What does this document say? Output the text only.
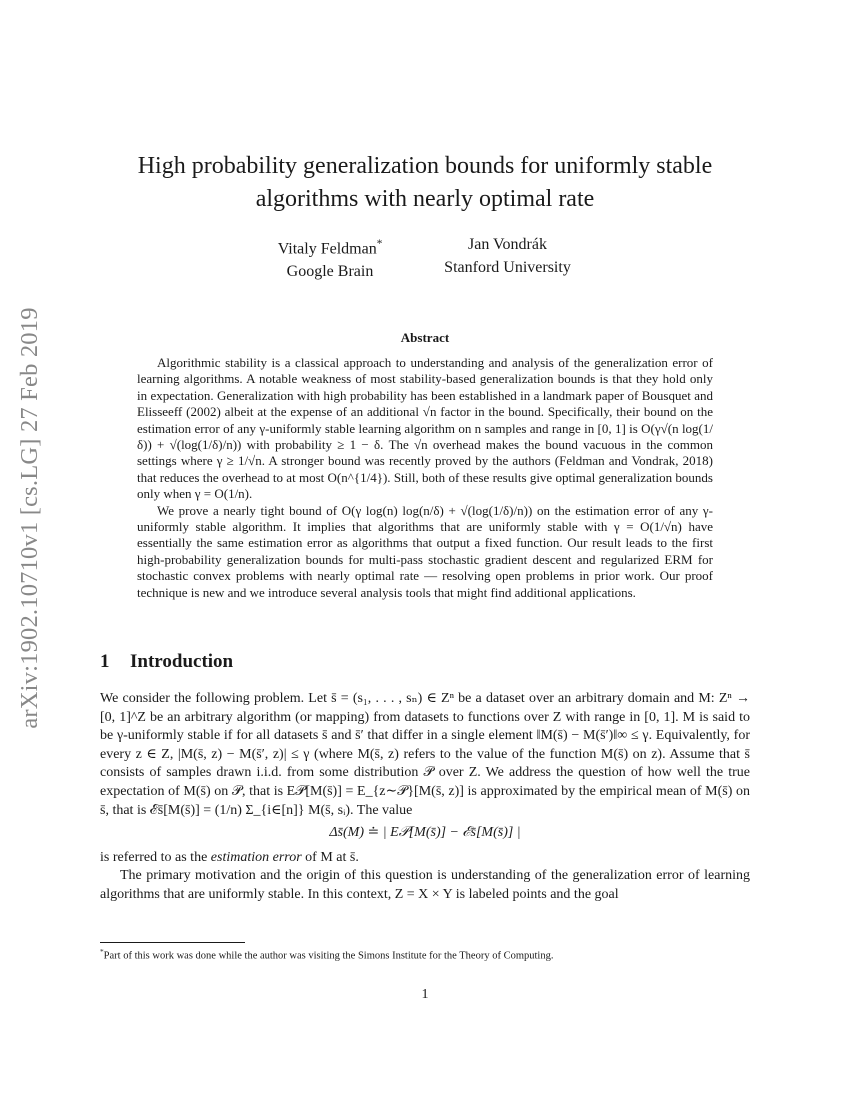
arXiv:1902.10710v1 [cs.LG] 27 Feb 2019
High probability generalization bounds for uniformly stable
algorithms with nearly optimal rate
Vitaly Feldman*
Google Brain
Jan Vondrák
Stanford University
Abstract

Algorithmic stability is a classical approach to understanding and analysis of the generalization error of learning algorithms. A notable weakness of most stability-based generalization bounds is that they hold only in expectation. Generalization with high probability has been established in a landmark paper of Bousquet and Elisseeff (2002) albeit at the expense of an additional √n factor in the bound. Specifically, their bound on the estimation error of any γ-uniformly stable learning algorithm on n samples and range in [0, 1] is O(γ√(n log(1/δ)) + √(log(1/δ)/n)) with probability ≥ 1 − δ. The √n overhead makes the bound vacuous in the common settings where γ ≥ 1/√n. A stronger bound was recently proved by the authors (Feldman and Vondrak, 2018) that reduces the overhead to at most O(n^{1/4}). Still, both of these results give optimal generalization bounds only when γ = O(1/n).

We prove a nearly tight bound of O(γ log(n) log(n/δ) + √(log(1/δ)/n)) on the estimation error of any γ-uniformly stable algorithm. It implies that algorithms that are uniformly stable with γ = O(1/√n) have essentially the same estimation error as algorithms that output a fixed function. Our result leads to the first high-probability generalization bounds for multi-pass stochastic gradient descent and regularized ERM for stochastic convex problems with nearly optimal rate — resolving open problems in prior work. Our proof technique is new and we introduce several analysis tools that might find additional applications.

1 Introduction

We consider the following problem. Let s̄ = (s₁, . . . , sₙ) ∈ Zⁿ be a dataset over an arbitrary domain and M: Zⁿ → [0, 1]^Z be an arbitrary algorithm (or mapping) from datasets to functions over Z with range in [0, 1]. M is said to be γ-uniformly stable if for all datasets s̄ and s̄′ that differ in a single element ‖M(s̄) − M(s̄′)‖∞ ≤ γ. Equivalently, for every z ∈ Z, |M(s̄, z) − M(s̄′, z)| ≤ γ (where M(s̄, z) refers to the value of the function M(s̄) on z). Assume that s̄ consists of samples drawn i.i.d. from some distribution 𝒫 over Z. We address the question of how well the true expectation of M(s̄) on 𝒫, that is E𝒫[M(s̄)] = E_{z∼𝒫}[M(s̄, z)] is approximated by the empirical mean of M(s̄) on s̄, that is ℰs̄[M(s̄)] = (1/n) Σ_{i∈[n]} M(s̄, sᵢ). The value

Δs̄(M) ≐ | E𝒫[M(s̄)] − ℰs̄[M(s̄)] |

is referred to as the estimation error of M at s̄.

The primary motivation and the origin of this question is understanding of the generalization error of learning algorithms that are uniformly stable. In this context, Z = X × Y is labeled points and the goal

*Part of this work was done while the author was visiting the Simons Institute for the Theory of Computing.
1
